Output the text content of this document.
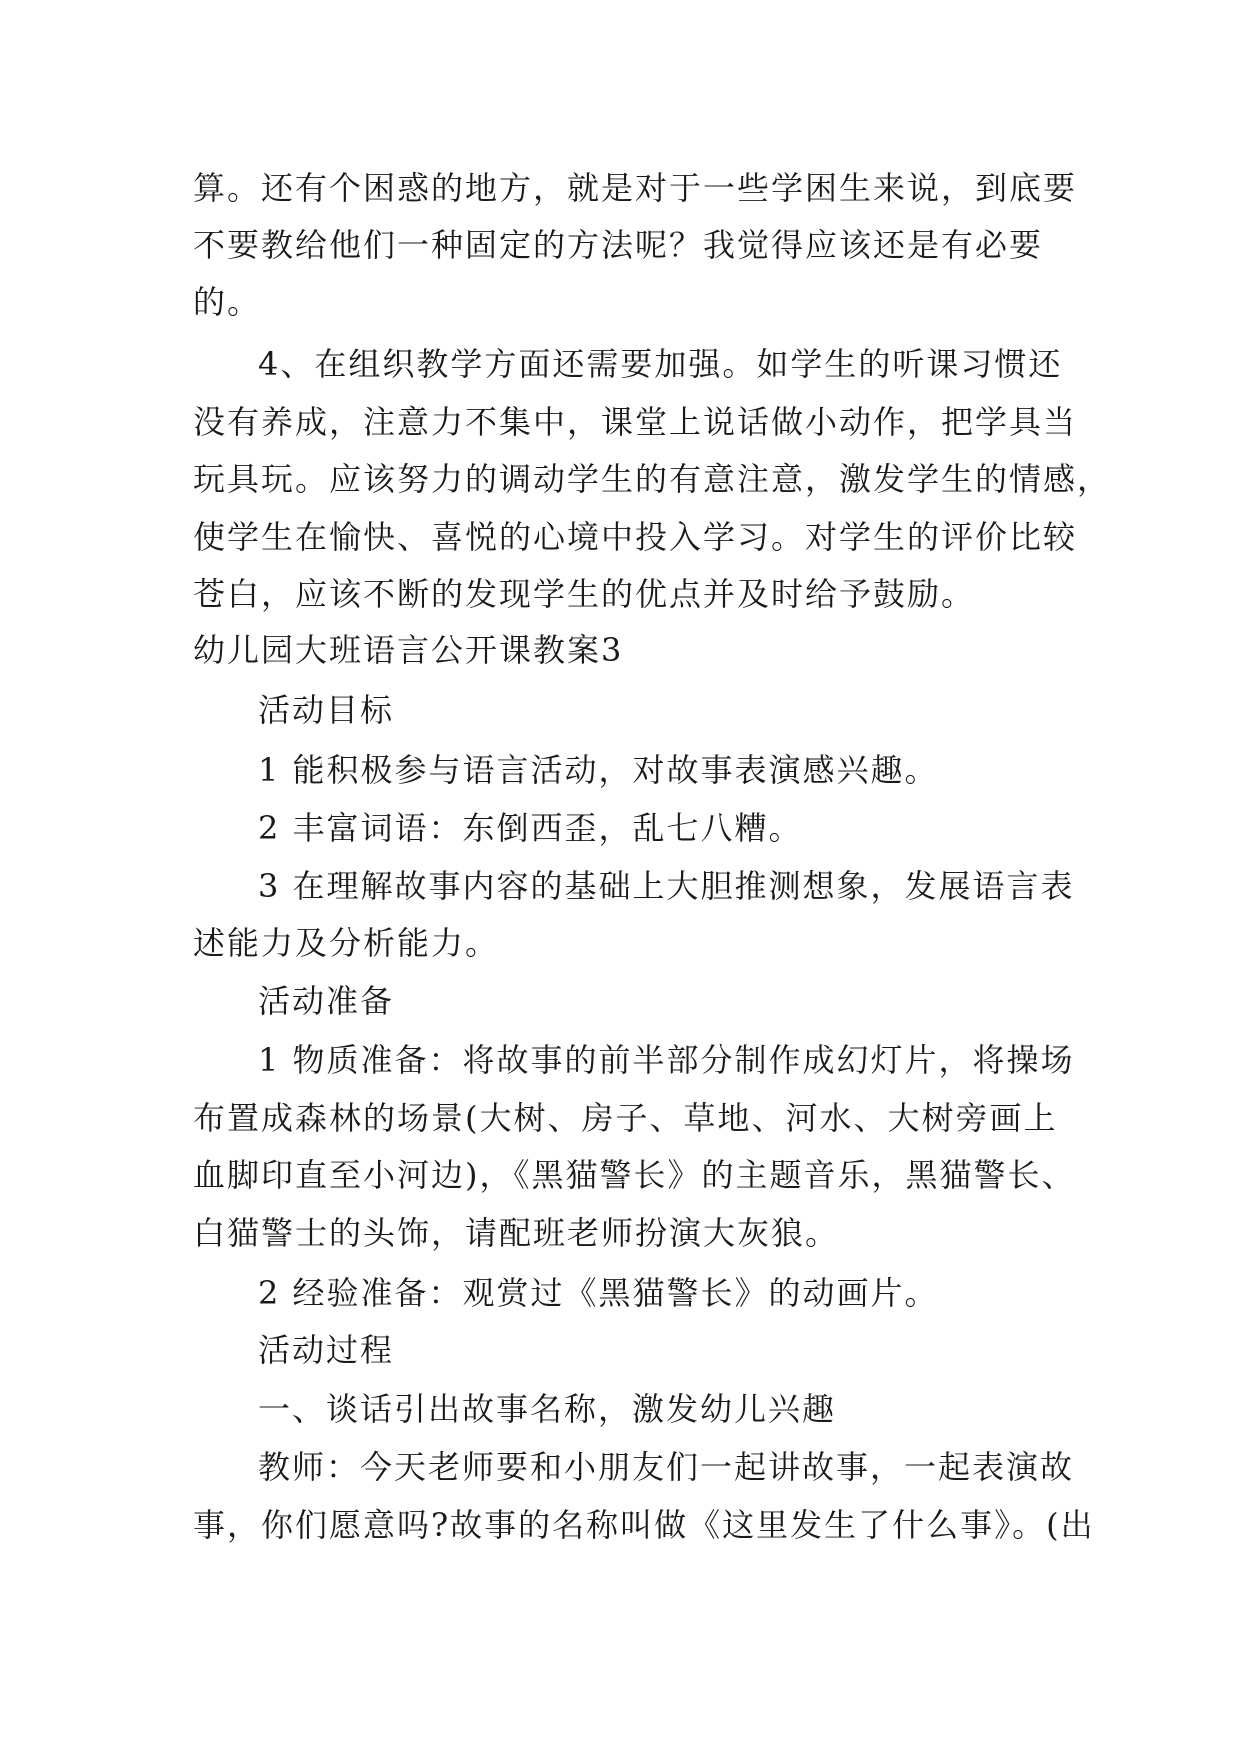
算。还有个困惑的地方，就是对于一些学困生来说，到底要
不要教给他们一种固定的方法呢？我觉得应该还是有必要
的。
4、在组织教学方面还需要加强。如学生的听课习惯还
没有养成，注意力不集中，课堂上说话做小动作，把学具当
玩具玩。应该努力的调动学生的有意注意，激发学生的情感，
使学生在愉快、喜悦的心境中投入学习。对学生的评价比较
苍白，应该不断的发现学生的优点并及时给予鼓励。
幼儿园大班语言公开课教案3
活动目标
1 能积极参与语言活动，对故事表演感兴趣。
2 丰富词语：东倒西歪，乱七八糟。
3 在理解故事内容的基础上大胆推测想象，发展语言表
述能力及分析能力。
活动准备
1 物质准备：将故事的前半部分制作成幻灯片，将操场
布置成森林的场景(大树、房子、草地、河水、大树旁画上
血脚印直至小河边)，《黑猫警长》的主题音乐，黑猫警长、
白猫警士的头饰，请配班老师扮演大灰狼。
2 经验准备：观赏过《黑猫警长》的动画片。
活动过程
一、谈话引出故事名称，激发幼儿兴趣
教师：今天老师要和小朋友们一起讲故事，一起表演故
事，你们愿意吗?故事的名称叫做《这里发生了什么事》。(出
